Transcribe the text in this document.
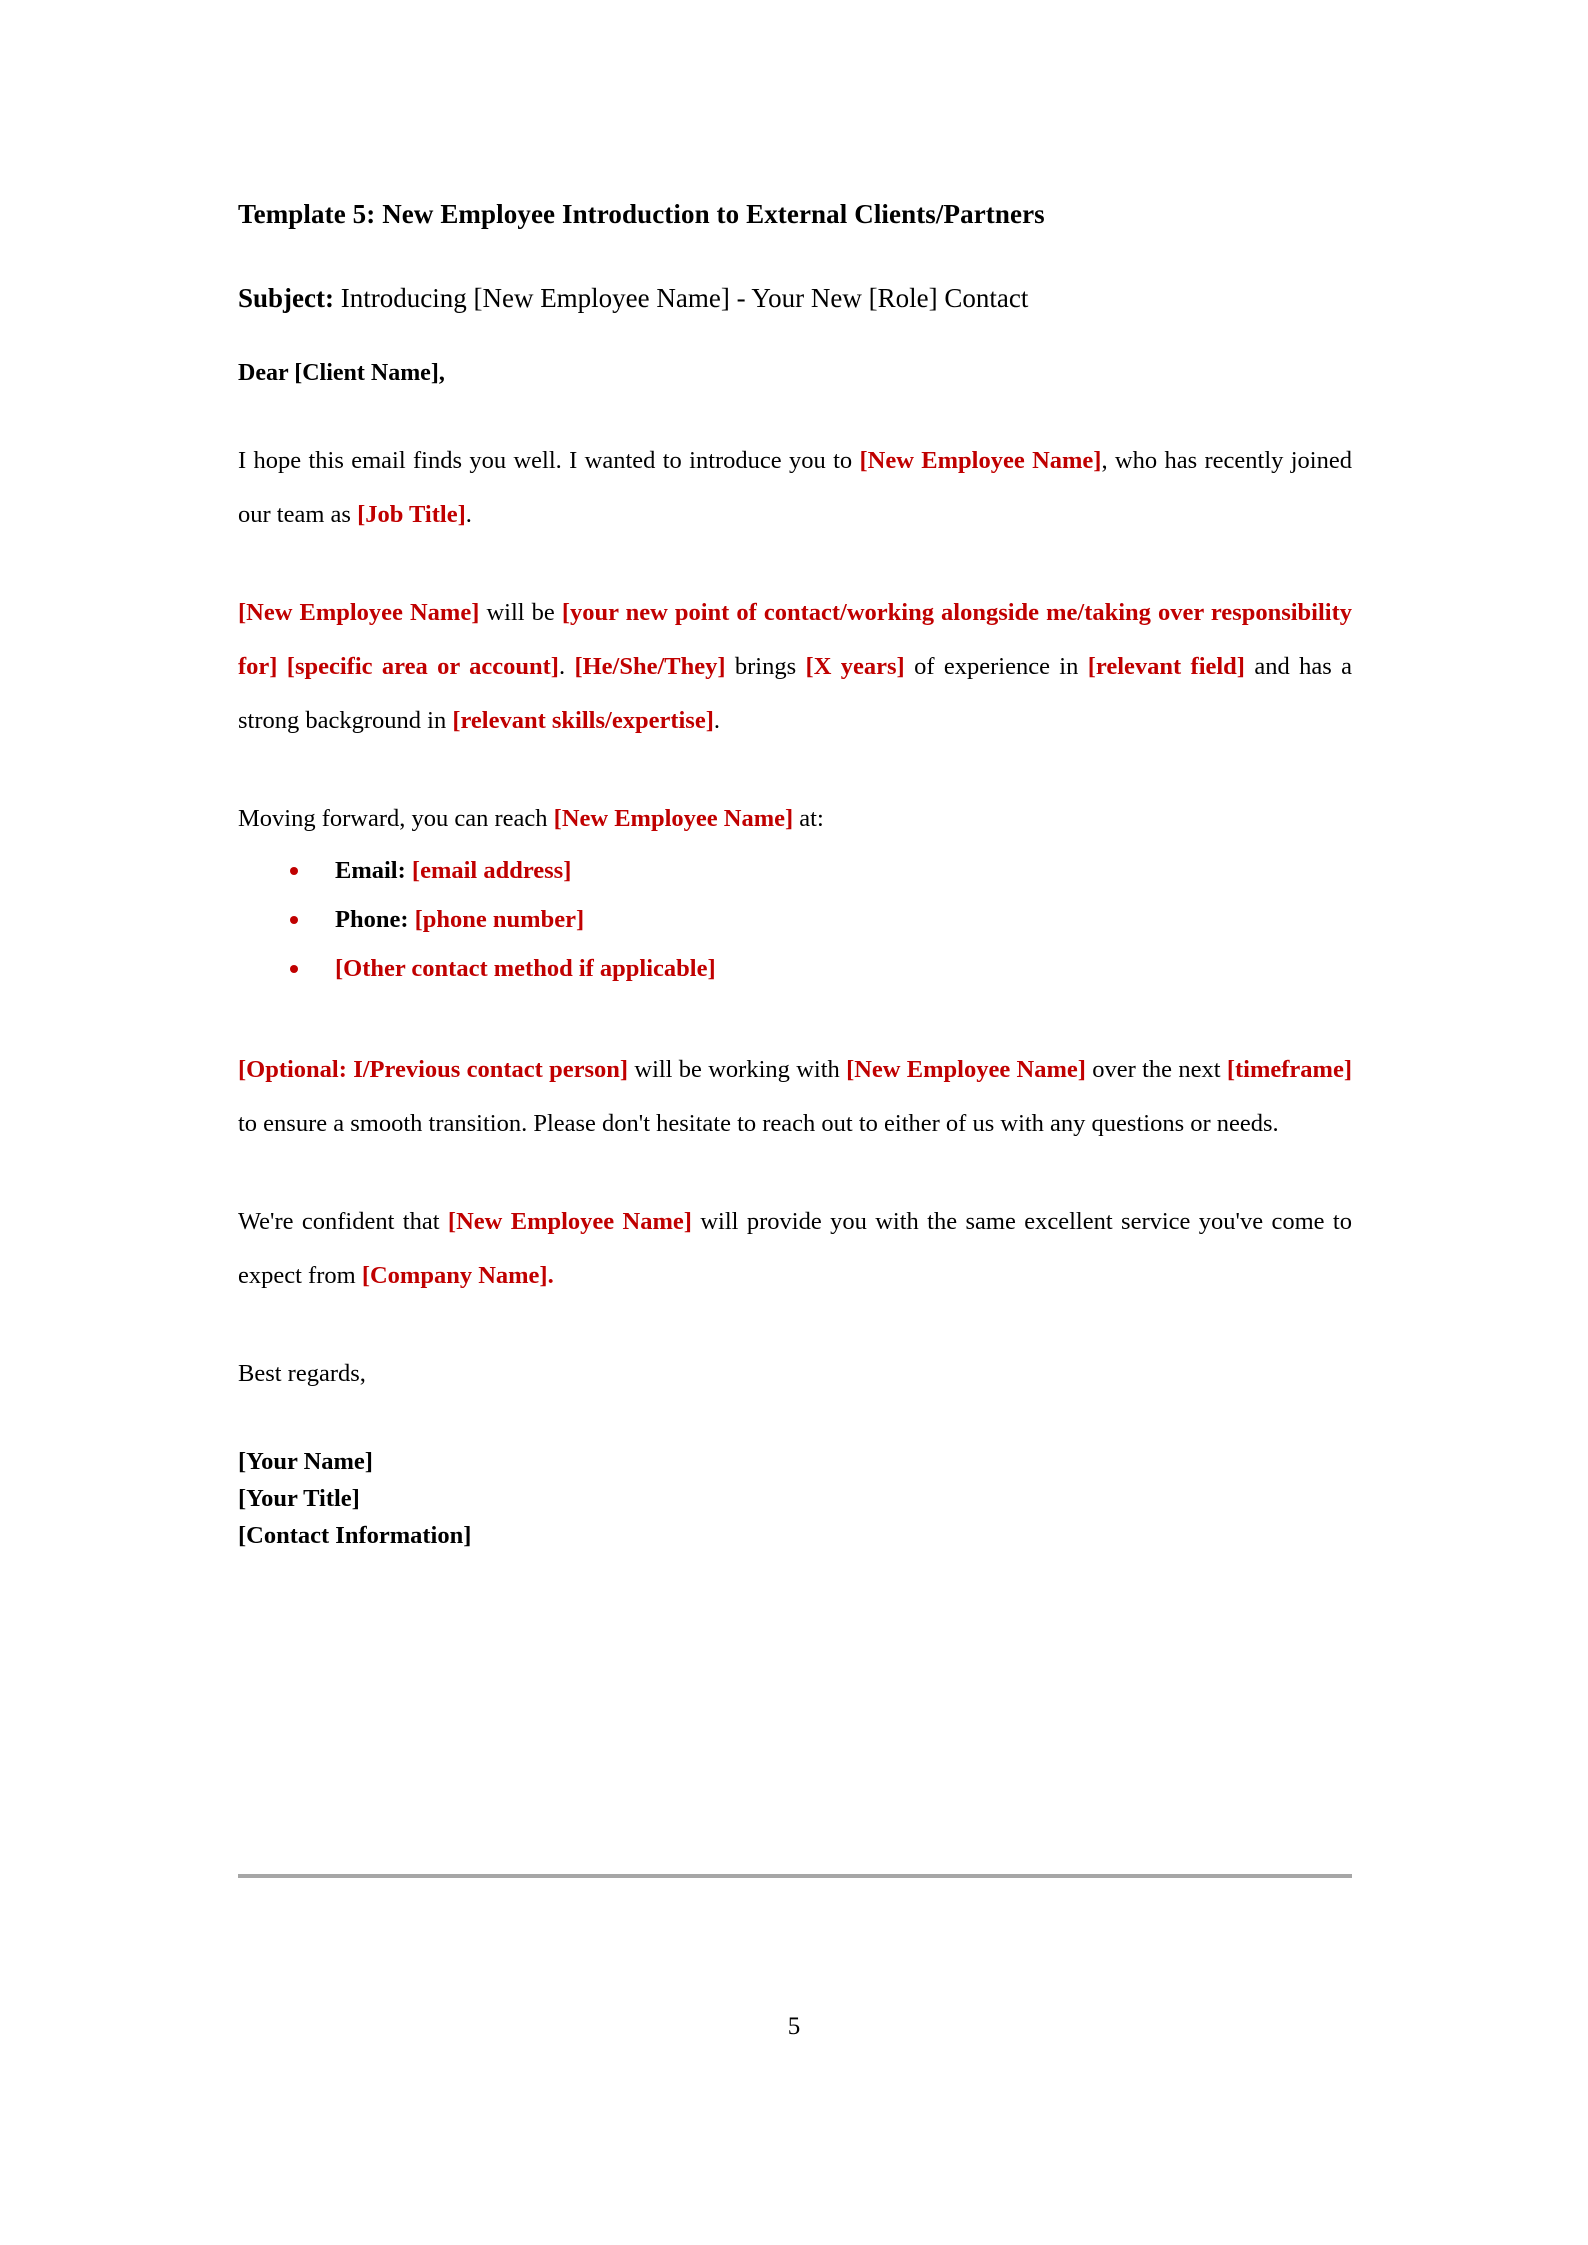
Template 5: New Employee Introduction to External Clients/Partners

Subject: Introducing [New Employee Name] - Your New [Role] Contact

Dear [Client Name],

I hope this email finds you well. I wanted to introduce you to [New Employee Name], who has recently joined our team as [Job Title].

[New Employee Name] will be [your new point of contact/working alongside me/taking over responsibility for] [specific area or account]. [He/She/They] brings [X years] of experience in [relevant field] and has a strong background in [relevant skills/expertise].

Moving forward, you can reach [New Employee Name] at:

Email: [email address]
Phone: [phone number]
[Other contact method if applicable]

[Optional: I/Previous contact person] will be working with [New Employee Name] over the next [timeframe] to ensure a smooth transition. Please don't hesitate to reach out to either of us with any questions or needs.

We're confident that [New Employee Name] will provide you with the same excellent service you've come to expect from [Company Name].

Best regards,

[Your Name]

[Your Title]

[Contact Information]

5
